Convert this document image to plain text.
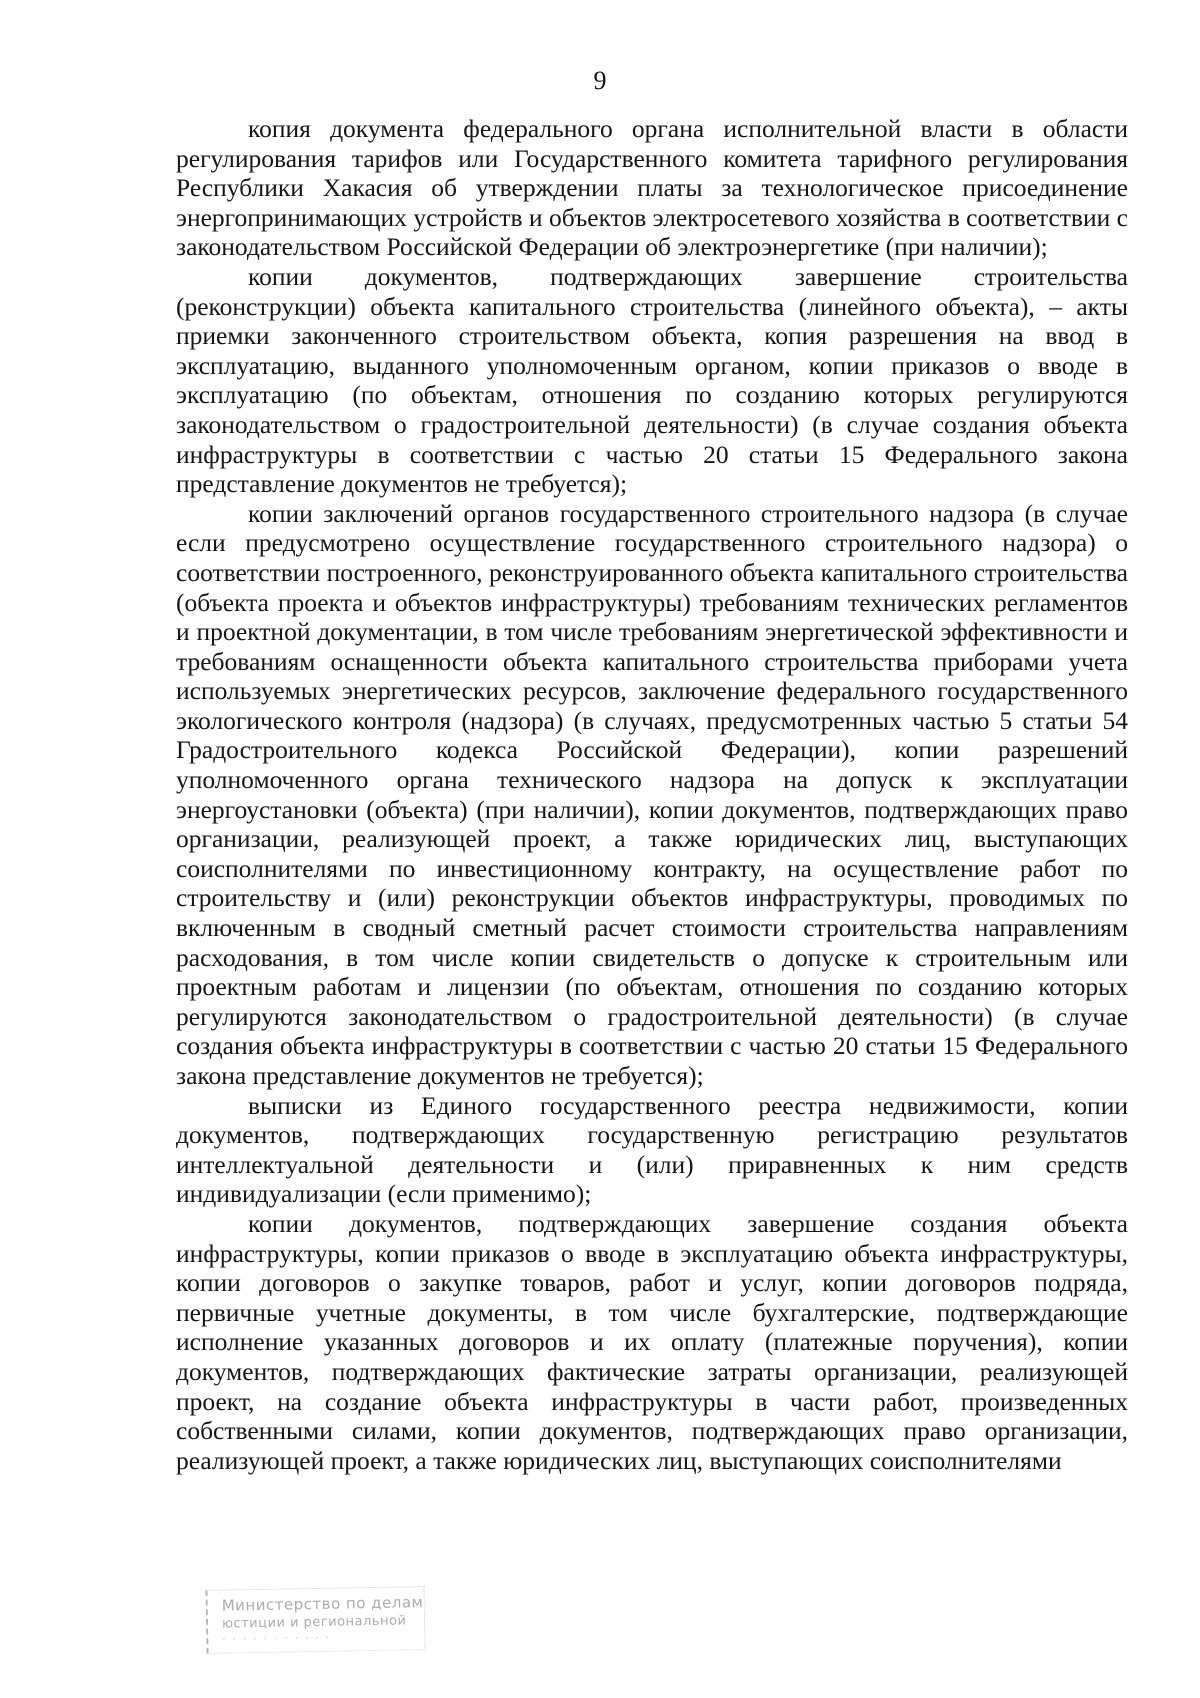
9

копия документа федерального органа исполнительной власти в области регулирования тарифов или Государственного комитета тарифного регулирования Республики Хакасия об утверждении платы за технологическое присоединение энергопринимающих устройств и объектов электросетевого хозяйства в соответствии с законодательством Российской Федерации об электроэнергетике (при наличии);

копии документов, подтверждающих завершение строительства (реконструкции) объекта капитального строительства (линейного объекта), – акты приемки законченного строительством объекта, копия разрешения на ввод в эксплуатацию, выданного уполномоченным органом, копии приказов о вводе в эксплуатацию (по объектам, отношения по созданию которых регулируются законодательством о градостроительной деятельности) (в случае создания объекта инфраструктуры в соответствии с частью 20 статьи 15 Федерального закона представление документов не требуется);

копии заключений органов государственного строительного надзора (в случае если предусмотрено осуществление государственного строительного надзора) о соответствии построенного, реконструированного объекта капитального строительства (объекта проекта и объектов инфраструктуры) требованиям технических регламентов и проектной документации, в том числе требованиям энергетической эффективности и требованиям оснащенности объекта капитального строительства приборами учета используемых энергетических ресурсов, заключение федерального государственного экологического контроля (надзора) (в случаях, предусмотренных частью 5 статьи 54 Градостроительного кодекса Российской Федерации), копии разрешений уполномоченного органа технического надзора на допуск к эксплуатации энергоустановки (объекта) (при наличии), копии документов, подтверждающих право организации, реализующей проект, а также юридических лиц, выступающих соисполнителями по инвестиционному контракту, на осуществление работ по строительству и (или) реконструкции объектов инфраструктуры, проводимых по включенным в сводный сметный расчет стоимости строительства направлениям расходования, в том числе копии свидетельств о допуске к строительным или проектным работам и лицензии (по объектам, отношения по созданию которых регулируются законодательством о градостроительной деятельности) (в случае создания объекта инфраструктуры в соответствии с частью 20 статьи 15 Федерального закона представление документов не требуется);

выписки из Единого государственного реестра недвижимости, копии документов, подтверждающих государственную регистрацию результатов интеллектуальной деятельности и (или) приравненных к ним средств индивидуализации (если применимо);

копии документов, подтверждающих завершение создания объекта инфраструктуры, копии приказов о вводе в эксплуатацию объекта инфраструктуры, копии договоров о закупке товаров, работ и услуг, копии договоров подряда, первичные учетные документы, в том числе бухгалтерские, подтверждающие исполнение указанных договоров и их оплату (платежные поручения), копии документов, подтверждающих фактические затраты организации, реализующей проект, на создание объекта инфраструктуры в части работ, произведенных собственными силами, копии документов, подтверждающих право организации, реализующей проект, а также юридических лиц, выступающих соисполнителями

Министерство по делам
юстиции и региональной
· · · · · · · · · · ·
